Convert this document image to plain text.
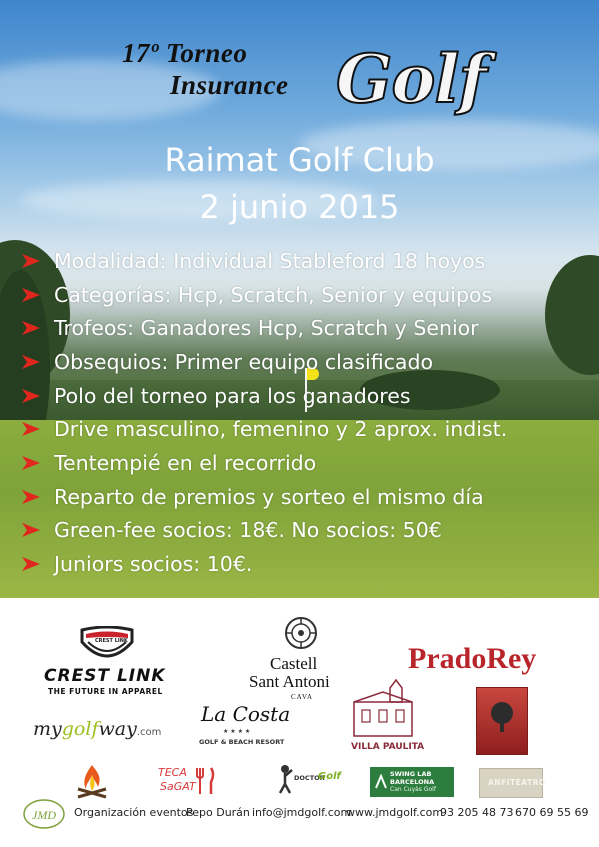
17º Torneo
Insurance Golf
Raimat Golf Club
2 junio 2015
Modalidad: Individual Stableford 18 hoyos
Categorías: Hcp, Scratch, Senior y equipos
Trofeos: Ganadores Hcp, Scratch y Senior
Obsequios: Primer equipo clasificado
Polo del torneo para los ganadores
Drive masculino, femenino y 2 aprox. indist.
Tentempié en el recorrido
Reparto de premios y sorteo el mismo día
Green-fee socios: 18€. No socios: 50€
Juniors socios: 10€.
CREST LINK
CREST LINK
THE FUTURE IN APPAREL
Castell
Sant Antoni
CAVA
PradoRey
mygolfway.com
La Costa
★ ★ ★ ★
GOLF & BEACH RESORT	VILLA PAULITA
TECA
SaGAT
DOCTOR
Golf	SWING LAB
BARCELONA
Can Cuyàs Golf
ANFITEATRO
JMD Organización eventos
Pepo Durán info@jmdgolf.com
www.jmdgolf.com
93 205 48 73 670 69 55 69
